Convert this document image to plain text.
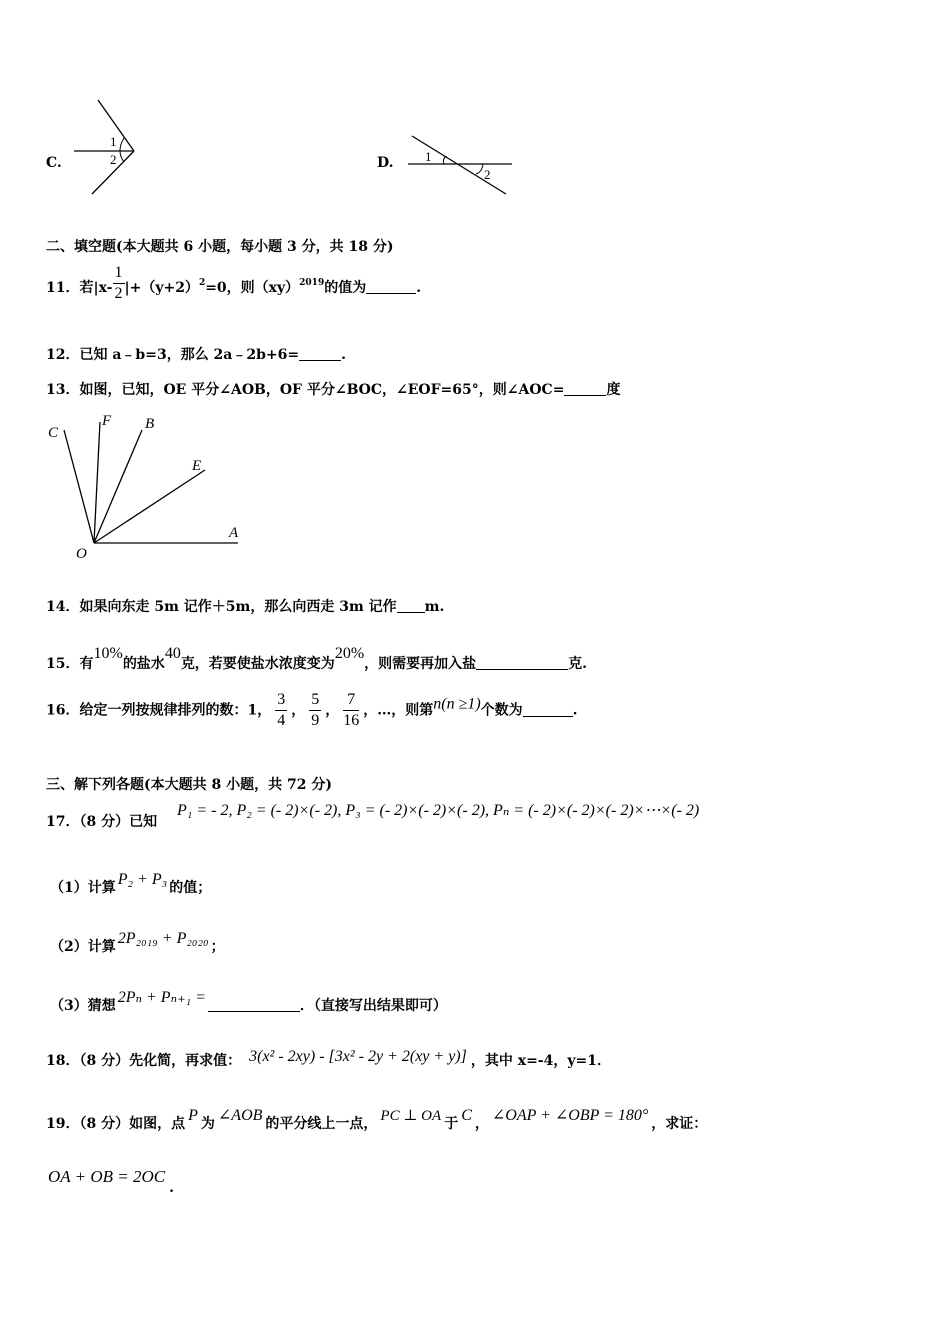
C.
1
2	D. 1
2
二、填空题(本大题共 6 小题，每小题 3 分，共 18 分)
11．若$|x- \frac{1}{2} |+(y+2)^2=0$，则（xy）$^{2019}$的值为	.
12．已知 a﹣b=3，那么 2a﹣2b+6=	.
13．如图，已知，OE 平分∠AOB，OF 平分∠BOC，∠EOF=65°，则∠AOC=	度
C
F B
E
O
A
14．如果向东走 5m 记作＋5m，那么向西走 3m 记作 m.
15．有10%的盐水40克，若要使盐水浓度变为20%，则需要再加入盐	克.
16．给定一列按规律排列的数：1， $\frac{3}{4}$ ， $\frac{5}{9}$ ， $\frac{7}{16}$ ，…，则第n(n ≥1)个数为	.
三、解下列各题(本大题共 8 小题，共 72 分)
17．（8 分）已知
P₁ = - 2, P₂ = (- 2)×(- 2), P₃ = (- 2)×(- 2)×(- 2), Pₙ = (- 2)×(- 2)×(- 2)×⋯×(- 2)
（1）计算 P₂ + P₃ 的值；
（2）计算 2P₂₀₁₉ + P₂₀₂₀ ；
（3）猜想 2Pₙ + Pₙ₊₁ =	．（直接写出结果即可）
18．（8 分）先化简，再求值： 3(x² - 2xy) - [3x² - 2y + 2(xy + y)] ，其中 x=-4，y=1．
19．（8 分）如图，点 P 为 ∠AOB 的平分线上一点， PC ⊥ OA 于 C ， ∠OAP + ∠OBP = 180° ，求证：
OA + OB = 2OC.
